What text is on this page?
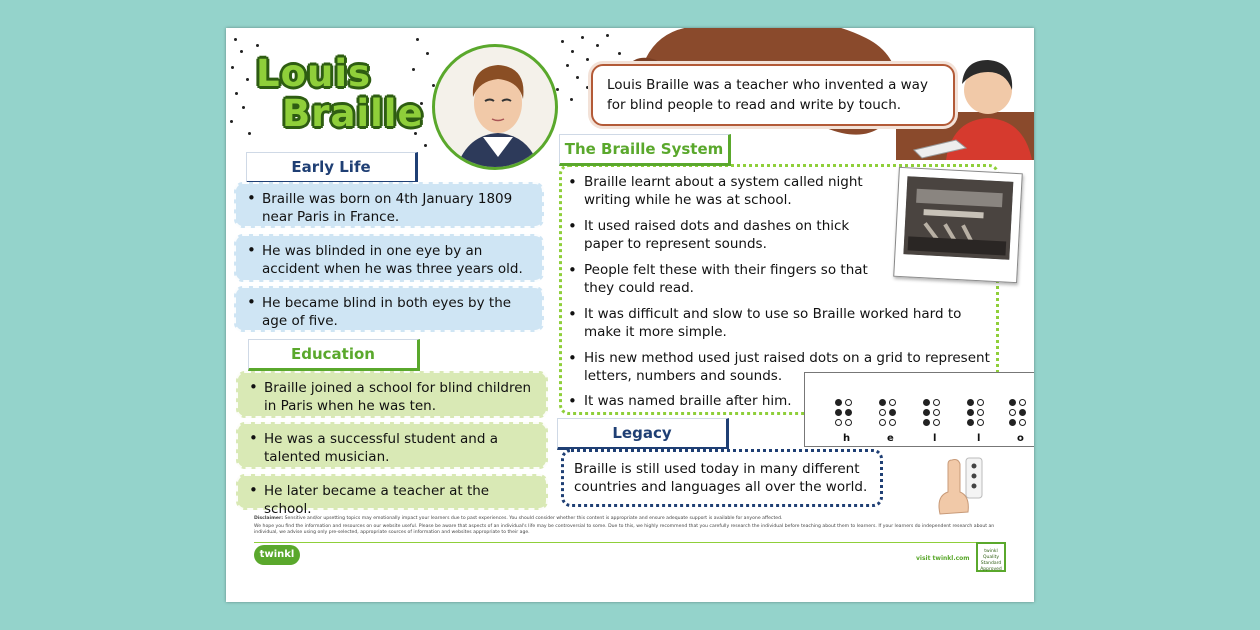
Louis
Braille
Louis Braille was a teacher who invented a way for blind people to read and write by touch.
Early Life
• Braille was born on 4th January 1809 near Paris in France.
• He was blinded in one eye by an accident when he was three years old.
• He became blind in both eyes by the age of five.
Education
• Braille joined a school for blind children in Paris when he was ten.
• He was a successful student and a talented musician.
• He later became a teacher at the school.
• Braille learnt about a system called night writing while he was at school.
• It used raised dots and dashes on thick paper to represent sounds.
• People felt these with their fingers so that they could read.
• It was difficult and slow to use so Braille worked hard to make it more simple.
• His new method used just raised dots on a grid to represent letters, numbers and sounds.
• It was named braille after him.
The Braille System
h	e	l	l	o
Legacy
Braille is still used today in many different countries and languages all over the world.
Disclaimer: Sensitive and/or upsetting topics may emotionally impact your learners due to past experiences. You should consider whether this content is appropriate and ensure adequate support is available for anyone affected.
We hope you find the information and resources on our website useful. Please be aware that aspects of an individual's life may be controversial to some. Due to this, we highly recommend that you carefully research the individual before teaching about them to learners. If your learners do independent research about an individual, we advise using only pre-selected, appropriate sources of information and websites appropriate to their age.
twinkl	visit twinkl.com
twinkl Quality Standard Approved
